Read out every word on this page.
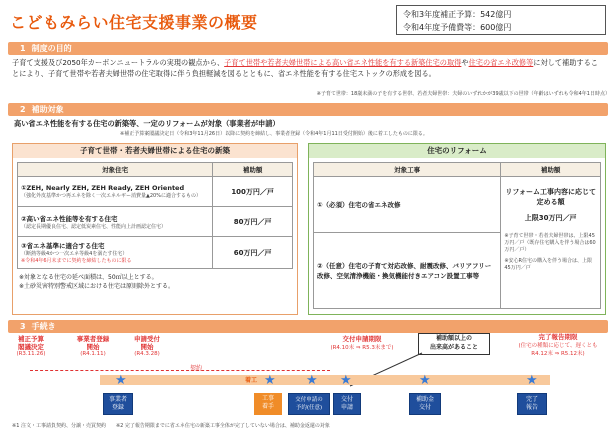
こどもみらい住宅支援事業の概要	令和3年度補正予算：542億円
令和4年度予備費等：600億円
1 制度の目的
子育て支援及び2050年カーボンニュートラルの実現の観点から、子育て世帯や若者夫婦世帯による高い省エネ性能を有する新築住宅の取得や住宅の省エネ改修等に対して補助することにより、子育て世帯や若者夫婦世帯の住宅取得に伴う負担軽減を図るとともに、省エネ性能を有する住宅ストックの形成を図る。
※子育て世帯：18歳未満の子を有する世帯、若者夫婦世帯：夫婦のいずれかが39歳以下の世帯（年齢はいずれも令和4年1日時点）
2 補助対象
高い省エネ性能を有する住宅の新築等、一定のリフォームが対象（事業者が申請）
※補正予算案閣議決定日（令和3年11月26日）以降に契約を締結し、事業者登録（令和4年1月11日受付開始）後に着工したものに限る。
子育て世帯・若者夫婦世帯による住宅の新築
対象住宅	補助額

①ZEH, Nearly ZEH, ZEH Ready, ZEH Oriented
（強化外皮基準かつ再エネを除く一次エネルギー消費量▲20%に適合するもの）	100万円／戸

②高い省エネ性能等を有する住宅
（認定長期優良住宅、認定低炭素住宅、性能向上計画認定住宅）	80万円／戸

③省エネ基準に適合する住宅
（断熱等級4かつ一次エネ等級4を満たす住宅）
※令和4年6月末までに契約を締結したものに限る	60万円／戸
※対象となる住宅の延べ面積は、50㎡以上とする。
※土砂災害特別警戒区域における住宅は原則除外とする。
住宅のリフォーム
対象工事	補助額
①（必須）住宅の省エネ改修	リフォーム工事内容に応じて定める額
上限30万円／戸
※子育て世帯・若者夫婦世帯は、上限45万円／戸（既存住宅購入を伴う場合は60万円／戸）
※安心R住宅の購入を伴う場合は、上限45万円／戸

②（任意）住宅の子育て対応改修、耐震改修、バリアフリー改修、空気清浄機能・換気機能付きエアコン設置工事等	
3 手続き
補正予算
閣議決定
(R3.11.26)
事業者登録
開始
(R4.1.11)
申請受付
開始
(R4.3.28)
交付申請期限
(R4.10末 ⇒ R5.3末まで)
完了報告期限
(住宅の種類に応じて、遅くとも
R4.12末 ⇒ R5.12末)
補助額以上の
出来高があること
契約
着工
★	★ ★ ★	★	★
事業者
登録
工事
着手
交付申請の
予約(任意)
交付
申請
補助金
交付
完了
報告
※1 注文・工事請負契約、分譲・売買契約　　※2 完了報告期限までに省エネ住宅の新築工事全体が完了していない場合は、補助金返還の対象
